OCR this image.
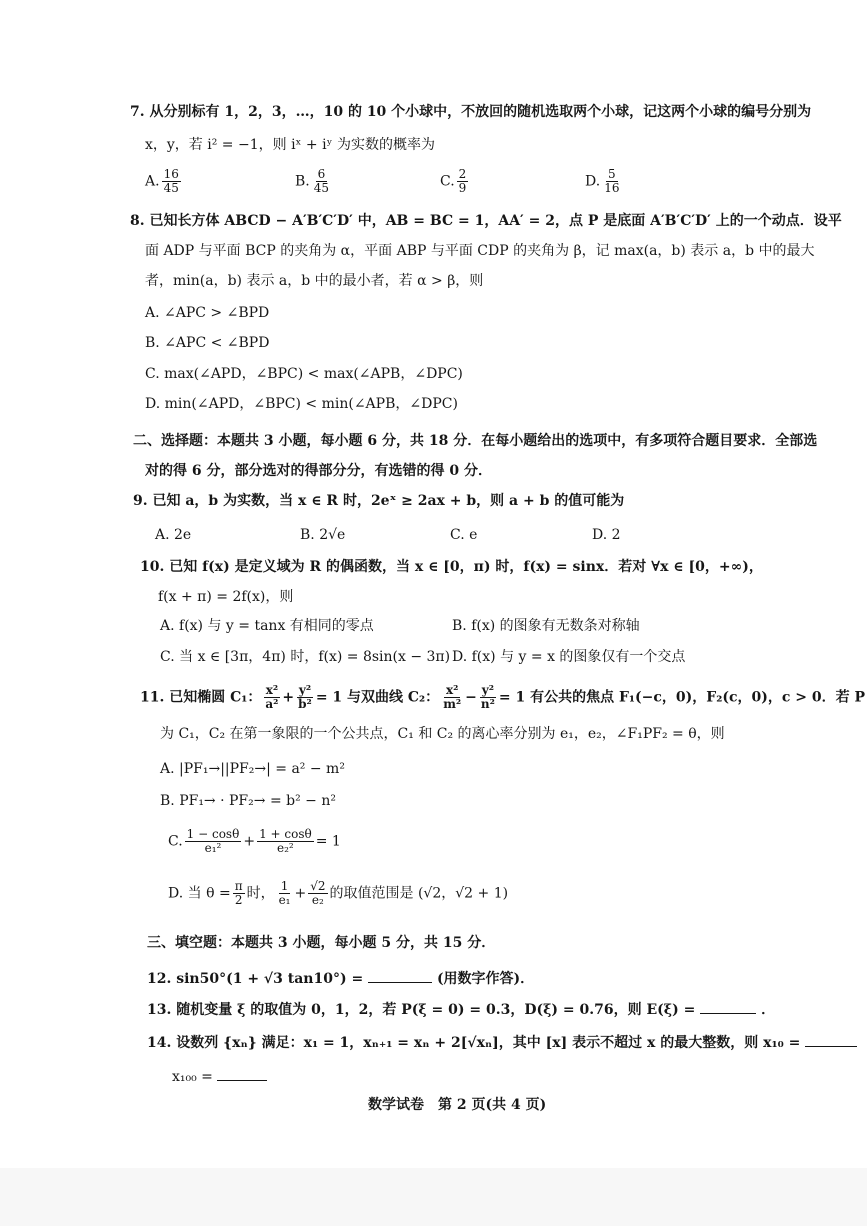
7. 从分别标有 1，2，3，…，10 的 10 个小球中，不放回的随机选取两个小球，记这两个小球的编号分别为
x，y，若 i² = −1，则 iˣ + iʸ 为实数的概率为
A. $\frac{16}{45}$	B. $\frac{6}{45}$	C. $\frac{2}{9}$	D. $\frac{5}{16}$
8. 已知长方体 ABCD − A′B′C′D′ 中，AB = BC = 1，AA′ = 2，点 P 是底面 A′B′C′D′ 上的一个动点．设平
面 ADP 与平面 BCP 的夹角为 α，平面 ABP 与平面 CDP 的夹角为 β，记 max(a，b) 表示 a，b 中的最大
者，min(a，b) 表示 a，b 中的最小者，若 α > β，则
A. ∠APC > ∠BPD
B. ∠APC < ∠BPD
C. max(∠APD，∠BPC) < max(∠APB，∠DPC)
D. min(∠APD，∠BPC) < min(∠APB，∠DPC)
二、选择题：本题共 3 小题，每小题 6 分，共 18 分．在每小题给出的选项中，有多项符合题目要求．全部选
对的得 6 分，部分选对的得部分分，有选错的得 0 分．
9. 已知 a，b 为实数，当 x ∈ R 时，2eˣ ≥ 2ax + b，则 a + b 的值可能为
A. 2e	B. 2√e	C. e	D. 2
10. 已知 f(x) 是定义域为 R 的偶函数，当 x ∈ [0，π) 时，f(x) = sinx．若对 ∀x ∈ [0，+∞)，
f(x + π) = 2f(x)，则
A. f(x) 与 y = tanx 有相同的零点	B. f(x) 的图象有无数条对称轴
C. 当 x ∈ [3π，4π) 时，f(x) = 8sin(x − 3π) D. f(x) 与 y = x 的图象仅有一个交点
11. 已知椭圆 C₁： $\frac{\text{x²}}{\text{a²}} + \frac{\text{y²}}{\text{b²}} = 1$ 与双曲线 C₂： $\frac{\text{x²}}{\text{m²}} - \frac{\text{y²}}{\text{n²}} = 1$ 有公共的焦点 F₁(−c，0)，F₂(c，0)，c > 0．若 P
为 C₁，C₂ 在第一象限的一个公共点，C₁ 和 C₂ 的离心率分别为 e₁，e₂，∠F₁PF₂ = θ，则
A. |PF₁→||PF₂→| = a² − m²
B. PF₁→ · PF₂→ = b² − n²
C. $\frac{1 - \cos\theta}{\text{e₁²}} + \frac{1 + \cos\theta}{\text{e₂²}} = 1$
D. 当 $\theta = \frac{\pi}{2}$ 时， $\frac{1}{\text{e₁}} + \frac{√2}{\text{e₂}}$ 的取值范围是 (√2，√2 + 1)
三、填空题：本题共 3 小题，每小题 5 分，共 15 分．
12. sin50°(1 + √3 tan10°) =	(用数字作答)．
13. 随机变量 ξ 的取值为 0，1，2，若 P(ξ = 0) = 0.3，D(ξ) = 0.76，则 E(ξ) =	．
14. 设数列 {xₙ} 满足：x₁ = 1，xₙ₊₁ = xₙ + 2[√xₙ]，其中 [x] 表示不超过 x 的最大整数，则 x₁₀ =
x₁₀₀ =
数学试卷　第 2 页(共 4 页)
